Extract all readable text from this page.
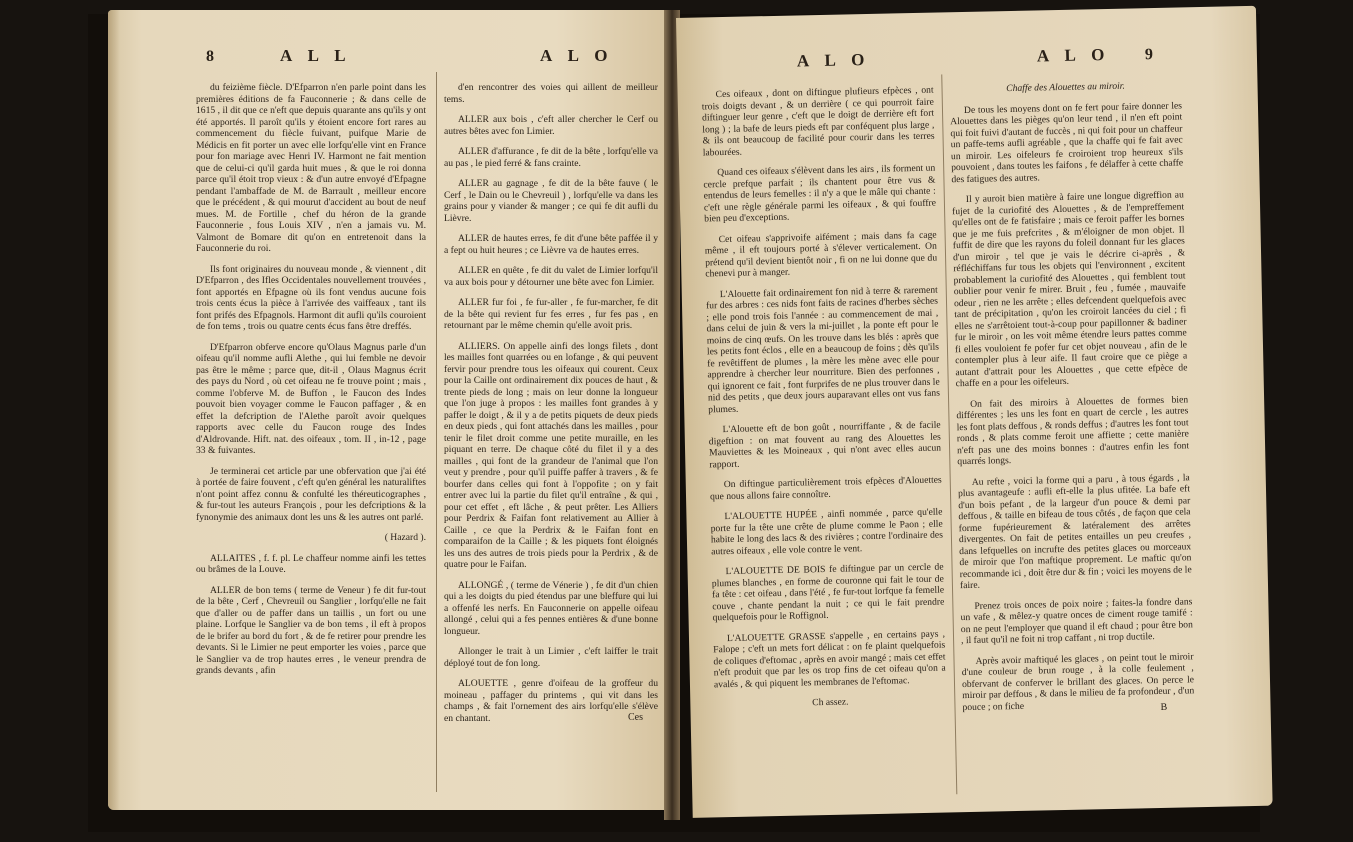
8	A L L	A L O

du feizième fiècle. D'Efparron n'en parle point dans les premières éditions de fa Fauconnerie ; & dans celle de 1615 , il dit que ce n'eft que depuis quarante ans qu'ils y ont été apportés. Il paroît qu'ils y étoient encore fort rares au commencement du fiècle fuivant, puifque Marie de Médicis en fit porter un avec elle lorfqu'elle vint en France pour fon mariage avec Henri IV. Harmont ne fait mention que de celui-ci qu'il garda huit mues , & que le roi donna parce qu'il étoit trop vieux : & d'un autre envoyé d'Efpagne pendant l'ambaffade de M. de Barrault , meilleur encore que le précédent , & qui mourut d'accident au bout de neuf mues. M. de Fortille , chef du héron de la grande Fauconnerie , fous Louis XIV , n'en a jamais vu. M. Valmont de Bomare dit qu'on en entretenoit dans la Fauconnerie du roi.

Ils font originaires du nouveau monde , & viennent , dit D'Efparron , des Ifles Occidentales nouvellement trouvées , font apportés en Efpagne où ils font vendus aucune fois trois cents écus la pièce à l'arrivée des vaiffeaux , tant ils font prifés des Efpagnols. Harmont dit aufli qu'ils couroient de fon tems , trois ou quatre cents écus fans être dreffés.

D'Efparron obferve encore qu'Olaus Magnus parle d'un oifeau qu'il nomme aufli Alethe , qui lui femble ne devoir pas être le même ; parce que, dit-il , Olaus Magnus écrit des pays du Nord , où cet oifeau ne fe trouve point ; mais , comme l'obferve M. de Buffon , le Faucon des Indes pouvoit bien voyager comme le Faucon paffager , & en effet la defcription de l'Alethe paroît avoir quelques rapports avec celle du Faucon rouge des Indes d'Aldrovande. Hift. nat. des oifeaux , tom. II , in-12 , page 33 & fuivantes.

Je terminerai cet article par une obfervation que j'ai été à portée de faire fouvent , c'eft qu'en général les naturaliftes n'ont point affez connu & confulté les théreuticographes , & fur-tout les auteurs François , pour les defcriptions & la fynonymie des animaux dont les uns & les autres ont parlé.

( Hazard ).

ALLAITES , f. f. pl. Le chaffeur nomme ainfi les tettes ou brâmes de la Louve.

ALLER de bon tems ( terme de Veneur ) fe dit fur-tout de la bête , Cerf , Chevreuil ou Sanglier , lorfqu'elle ne fait que d'aller ou de paffer dans un taillis , un fort ou une plaine. Lorfque le Sanglier va de bon tems , il eft à propos de le brifer au bord du fort , & de fe retirer pour prendre les devants. Si le Limier ne peut emporter les voies , parce que le Sanglier va de trop hautes erres , le veneur prendra de grands devants , afin

d'en rencontrer des voies qui aillent de meilleur tems.

ALLER aux bois , c'eft aller chercher le Cerf ou autres bêtes avec fon Limier.

ALLER d'affurance , fe dit de la bête , lorfqu'elle va au pas , le pied ferré & fans crainte.

ALLER au gagnage , fe dit de la bête fauve ( le Cerf , le Dain ou le Chevreuil ) , lorfqu'elle va dans les grains pour y viander & manger ; ce qui fe dit aufli du Lièvre.

ALLER de hautes erres, fe dit d'une bête paffée il y a fept ou huit heures ; ce Lièvre va de hautes erres.

ALLER en quête , fe dit du valet de Limier lorfqu'il va aux bois pour y détourner une bête avec fon Limier.

ALLER fur foi , fe fur-aller , fe fur-marcher, fe dit de la bête qui revient fur fes erres , fur fes pas , en retournant par le même chemin qu'elle avoit pris.

ALLIERS. On appelle ainfi des longs filets , dont les mailles font quarrées ou en lofange , & qui peuvent fervir pour prendre tous les oifeaux qui courent. Ceux pour la Caille ont ordinairement dix pouces de haut , & trente pieds de long ; mais on leur donne la longueur que l'on juge à propos : les mailles font grandes à y paffer le doigt , & il y a de petits piquets de deux pieds en deux pieds , qui font attachés dans les mailles , pour tenir le filet droit comme une petite muraille, en les piquant en terre. De chaque côté du filet il y a des mailles , qui font de la grandeur de l'animal que l'on veut y prendre , pour qu'il puiffe paffer à travers , & fe bourfer dans celles qui font à l'oppofite ; on y fait entrer avec lui la partie du filet qu'il entraîne , & qui , pour cet effet , eft lâche , & peut prêter. Les Alliers pour Perdrix & Faifan font relativement au Allier à Caille , ce que la Perdrix & le Faifan font en comparaifon de la Caille ; & les piquets font éloignés les uns des autres de trois pieds pour la Perdrix , & de quatre pour le Faifan.

ALLONGÉ , ( terme de Vénerie ) , fe dit d'un chien qui a les doigts du pied étendus par une bleffure qui lui a offenfé les nerfs. En Fauconnerie on appelle oifeau allongé , celui qui a fes pennes entières & d'une bonne longueur.

Allonger le trait à un Limier , c'eft laiffer le trait déployé tout de fon long.

ALOUETTE , genre d'oifeau de la groffeur du moineau , paffager du printems , qui vit dans les champs , & fait l'ornement des airs lorfqu'elle s'élève en chantant.	Ces
A L O	A L O 9

Ces oifeaux , dont on diftingue plufieurs efpèces , ont trois doigts devant , & un derrière ( ce qui pourroit faire diftinguer leur genre , c'eft que le doigt de derrière eft fort long ) ; la bafe de leurs pieds eft par conféquent plus large , & ils ont beaucoup de facilité pour courir dans les terres labourées.

Quand ces oifeaux s'élèvent dans les airs , ils forment un cercle prefque parfait ; ils chantent pour être vus & entendus de leurs femelles : il n'y a que le mâle qui chante : c'eft une règle générale parmi les oifeaux , & qui fouffre bien peu d'exceptions.

Cet oifeau s'apprivoife aifément ; mais dans fa cage même , il eft toujours porté à s'élever verticalement. On prétend qu'il devient bientôt noir , fi on ne lui donne que du chenevi pur à manger.

L'Alouette fait ordinairement fon nid à terre & rarement fur des arbres : ces nids font faits de racines d'herbes sèches ; elle pond trois fois l'année : au commencement de mai , dans celui de juin & vers la mi-juillet , la ponte eft pour le moins de cinq œufs. On les trouve dans les blés : après que les petits font éclos , elle en a beaucoup de foins ; dès qu'ils fe revêtiffent de plumes , la mère les mène avec elle pour apprendre à chercher leur nourriture. Bien des perfonnes , qui ignorent ce fait , font furprifes de ne plus trouver dans le nid des petits , que deux jours auparavant elles ont vus fans plumes.

L'Alouette eft de bon goût , nourriffante , & de facile digeftion : on mat fouvent au rang des Alouettes les Mauviettes & les Moineaux , qui n'ont avec elles aucun rapport.

On diftingue particulièrement trois efpèces d'Alouettes que nous allons faire connoître.

L'ALOUETTE HUPÉE , ainfi nommée , parce qu'elle porte fur la tête une crête de plume comme le Paon ; elle habite le long des lacs & des rivières ; contre l'ordinaire des autres oifeaux , elle vole contre le vent.

L'ALOUETTE DE BOIS fe diftingue par un cercle de plumes blanches , en forme de couronne qui fait le tour de fa tête : cet oifeau , dans l'été , fe fur-tout lorfque fa femelle couve , chante pendant la nuit ; ce qui le fait prendre quelquefois pour le Roffignol.

L'ALOUETTE GRASSE s'appelle , en certains pays , Falope ; c'eft un mets fort délicat : on fe plaint quelquefois de coliques d'eftomac , après en avoir mangé ; mais cet effet n'eft produit que par les os trop fins de cet oifeau qu'on a avalés , & qui piquent les membranes de l'eftomac.

Ch assez.

Chaffe des Alouettes au miroir.

De tous les moyens dont on fe fert pour faire donner les Alouettes dans les pièges qu'on leur tend , il n'en eft point qui foit fuivi d'autant de fuccès , ni qui foit pour un chaffeur un paffe-tems aufli agréable , que la chaffe qui fe fait avec un miroir. Les oifeleurs fe croiroient trop heureux s'ils pouvoient , dans toutes les faifons , fe délaffer à cette chaffe des fatigues des autres.

Il y auroit bien matière à faire une longue digreffion au fujet de la curiofité des Alouettes , & de l'empreffement qu'elles ont de fe fatisfaire ; mais ce feroit paffer les bornes que je me fuis prefcrites , & m'éloigner de mon objet. Il fuffit de dire que les rayons du foleil donnant fur les glaces d'un miroir , tel que je vais le décrire ci-après , & réfléchiffans fur tous les objets qui l'environnent , excitent probablement la curiofité des Alouettes , qui femblent tout oublier pour venir fe mirer. Bruit , feu , fumée , mauvaife odeur , rien ne les arrête ; elles defcendent quelquefois avec tant de précipitation , qu'on les croiroit lancées du ciel ; fi elles ne s'arrêtoient tout-à-coup pour papillonner & badiner fur le miroir , on les voit même étendre leurs pattes comme fi elles vouloient fe pofer fur cet objet nouveau , afin de le contempler plus à leur aife. Il faut croire que ce piège a autant d'attrait pour les Alouettes , que cette efpèce de chaffe en a pour les oifeleurs.

On fait des miroirs à Alouettes de formes bien différentes ; les uns les font en quart de cercle , les autres les font plats deffous , & ronds deffus ; d'autres les font tout ronds , & plats comme feroit une affiette ; cette manière n'eft pas une des moins bonnes : d'autres enfin les font quarrés longs.

Au refte , voici la forme qui a paru , à tous égards , la plus avantageufe : aufli eft-elle la plus ufitée. La bafe eft d'un bois pefant , de la largeur d'un pouce & demi par deffous , & taille en bifeau de tous côtés , de façon que cela forme fupérieurement & latéralement des arrêtes divergentes. On fait de petites entailles un peu creufes , dans lefquelles on incrufte des petites glaces ou morceaux de miroir que l'on maftique proprement. Le maftic qu'on recommande ici , doit être dur & fin ; voici les moyens de le faire.

Prenez trois onces de poix noire ; faites-la fondre dans un vafe , & mêlez-y quatre onces de ciment rouge tamifé : on ne peut l'employer que quand il eft chaud ; pour être bon , il faut qu'il ne foit ni trop caffant , ni trop ductile.

Après avoir maftiqué les glaces , on peint tout le miroir d'une couleur de brun rouge , à la colle feulement , obfervant de conferver le brillant des glaces. On perce le miroir par deffous , & dans le milieu de fa profondeur , d'un pouce ; on fiche	B
